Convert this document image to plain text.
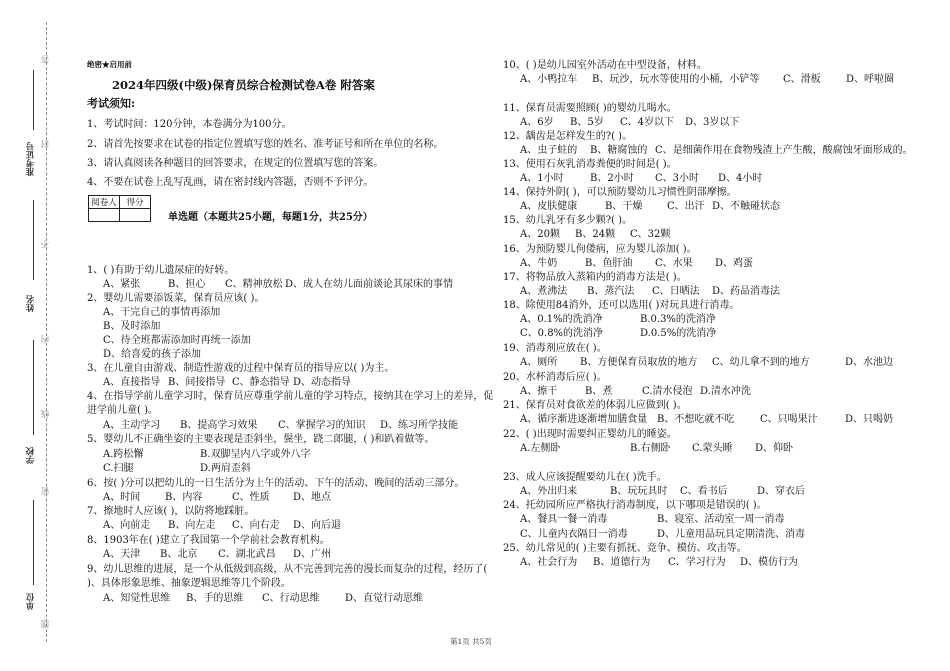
答
封
不
内
线
密
题
准考证号
姓名
学校
单位
绝密★启用前
2024年四级(中级)保育员综合检测试卷A卷 附答案
考试须知:
1、考试时间：120分钟，本卷满分为100分。
2、请首先按要求在试卷的指定位置填写您的姓名、准考证号和所在单位的名称。
3、请认真阅读各种题目的回答要求，在规定的位置填写您的答案。
4、不要在试卷上乱写乱画，请在密封线内答题，否则不予评分。
阅卷人	得分

单选题（本题共25小题，每题1分，共25分）
1、( )有助于幼儿遗尿症的好转。
A、紧张	B、担心 C、精神放松 D、成人在幼儿面前谈论其尿床的事情
2、婴幼儿需要添饭菜，保育员应该( )。
A、干完自己的事情再添加
B、及时添加
C、待全班都需添加时再统一添加
D、给喜爱的孩子添加
3、在儿童自由游戏、制造性游戏的过程中保育员的指导应以( )为主。
A、直接指导 B、间接指导 C、静态指导 D、动态指导
4、在指导学前儿童学习时，保育员应尊重学前儿童的学习特点，接纳其在学习上的差异，促
进学前儿童( )。
A、主动学习 B、提高学习效果 C、掌握学习的知识 D、练习所学技能
5、婴幼儿不正确坐姿的主要表现是歪斜坐，鬓坐，跷二郎腿，( )和趴着做等。
A.跨松懈	B.双脚呈内八字或外八字
C.扫腿	D.两肩歪斜
6、按( )分可以把幼儿的一日生活分为上午的活动、下午的活动、晚间的活动三部分。
A、时间 B、内容	C、性质 D、地点
7、擦地时人应该( )，以防将地踩脏。
A、向前走 B、向左走 C、向右走 D、向后退
8、1903年在( )建立了我国第一个学前社会教育机构。
A、天津 B、北京 C、湖北武昌 D、广州
9、幼儿思维的进展，是一个从低级到高级，从不完善到完善的漫长而复杂的过程，经历了(
)、具体形象思维、抽象逻辑思维等几个阶段。
A、知觉性思维 B、手的思维 C、行动思维	D、直觉行动思维
10、( )是幼儿园室外活动在中型设备，材料。
A、小鸭拉车 B、玩沙，玩水等使用的小桶，小铲等 C、滑板	D、呼啦圈
11、保育员需要照顾( )的婴幼儿喝水。
A、6岁 B、5岁 C、4岁以下 D、3岁以下
12、龋齿是怎样发生的?( )。
A、虫子蛀的 B、糖腐蚀的 C、是细菌作用在食物残渣上产生酸，酸腐蚀牙面形成的。
13、使用石灰乳消毒粪便的时间是( )。
A、1小时	B、2小时 C、3小时 D、4小时
14、保持外阴( )，可以预防婴幼儿习惯性阴部摩擦。
A、皮肤健康	B、干燥 C、出汗 D、不触碰状态
15、幼儿乳牙有多少颗?( )。
A、20颗 B、24颗 C、32颗
16、为预防婴儿佝偻病，应为婴儿添加( )。
A、牛奶	B、鱼肝油 C、水果 D、鸡蛋
17、将物品放入蒸箱内的消毒方法是( )。
A、煮沸法 B、蒸汽法 C、日晒法 D、药品消毒法
18、除使用84消外，还可以选用( )对玩具进行消毒。
A、0.1%的洗消净	B.0.3%的洗消净
C、0.8%的洗消净	D.0.5%的洗消净
19、消毒剂应放在( )。
A、厕所 B、方便保育员取放的地方 C、幼儿拿不到的地方	D、水池边
20、水杯消毒后应( )。
A、擦干	B、煮	C.清水侵泡 D.清水冲洗
21、保育员对食欲差的体弱儿应做到( )。
A、循序渐进逐渐增加膳食量 B、不想吃就不吃	C、只喝果汁	D、只喝奶
22、( )出现时需要纠正婴幼儿的睡姿。
A.左侧卧	B.右侧卧 C.蒙头睡 D、仰卧
23、成人应该提醒要幼儿在( )洗手。
A、外出归来	B、玩玩具时 C、看书后	D、穿衣后
24、托幼园所应严格执行消毒制度，以下哪项是错误的( )。
A、餐具一餐一消毒	B、寝室、活动室一周一消毒
C、儿童内衣隔日一消毒	D、儿童用品玩具定期清洗、消毒
25、幼儿常见的( )主要有抓抚、竞争、模仿、攻击等。
A、社会行为 B、道德行为 C、学习行为 D、模仿行为
第1页 共5页
